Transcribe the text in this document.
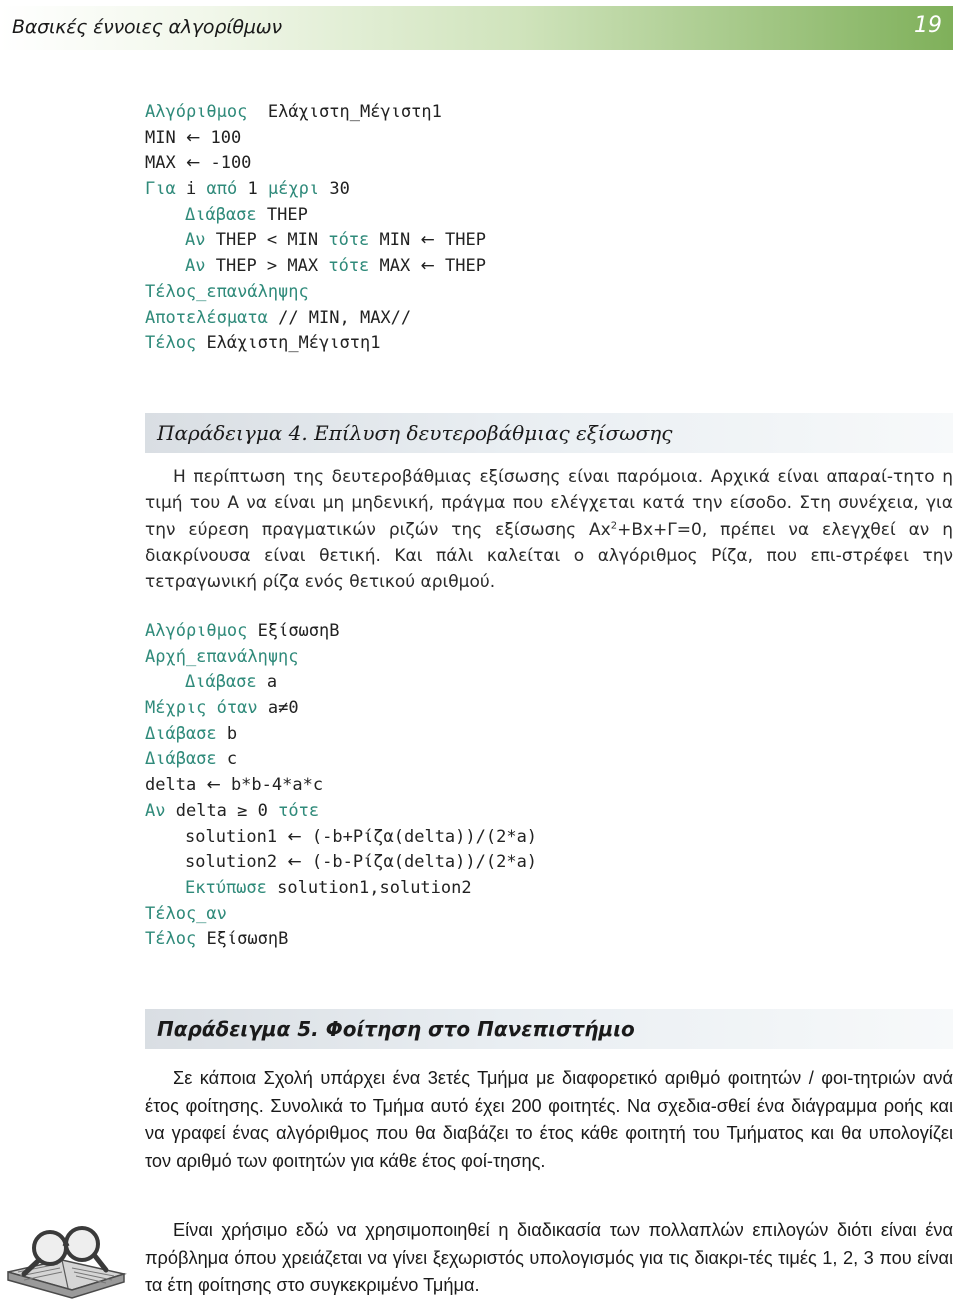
Βασικές έννοιες αλγορίθμων	19
Αλγόριθμος Ελάχιστη_Μέγιστη1
MIN ← 100
MAX ← -100
Για i από 1 μέχρι 30
Διάβασε THEP
Αν THEP < MIN τότε MIN ← THEP
Αν THEP > MAX τότε MAX ← THEP
Τέλος_επανάληψης
Αποτελέσματα // MIN, MAX//
Τέλος Ελάχιστη_Μέγιστη1
Παράδειγμα 4. Επίλυση δευτεροβάθμιας εξίσωσης
Η περίπτωση της δευτεροβάθμιας εξίσωσης είναι παρόμοια. Αρχικά είναι απαραί-τητο η τιμή του Α να είναι μη μηδενική, πράγμα που ελέγχεται κατά την είσοδο. Στη συνέχεια, για την εύρεση πραγματικών ριζών της εξίσωσης $Ax^2+Bx+\Gamma=0$, πρέπει να ελεγχθεί αν η διακρίνουσα είναι θετική. Και πάλι καλείται ο αλγόριθμος Ρίζα, που επι-στρέφει την τετραγωνική ρίζα ενός θετικού αριθμού.
Αλγόριθμος ΕξίσωσηΒ
Αρχή_επανάληψης
Διάβασε a
Μέχρις όταν a≠0
Διάβασε b
Διάβασε c
delta ← b*b-4*a*c
Αν delta ≥ 0 τότε
solution1 ← (-b+Ρίζα(delta))/(2*a)
solution2 ← (-b-Ρίζα(delta))/(2*a)
Εκτύπωσε solution1,solution2
Τέλος_αν
Τέλος ΕξίσωσηΒ
Παράδειγμα 5. Φοίτηση στο Πανεπιστήμιο
Σε κάποια Σχολή υπάρχει ένα 3ετές Τμήμα με διαφορετικό αριθμό φοιτητών / φοι-τητριών ανά έτος φοίτησης. Συνολικά το Τμήμα αυτό έχει 200 φοιτητές. Να σχεδια-σθεί ένα διάγραμμα ροής και να γραφεί ένας αλγόριθμος που θα διαβάζει το έτος κάθε φοιτητή του Τμήματος και θα υπολογίζει τον αριθμό των φοιτητών για κάθε έτος φοί-τησης.
Είναι χρήσιμο εδώ να χρησιμοποιηθεί η διαδικασία των πολλαπλών επιλογών διότι είναι ένα πρόβλημα όπου χρειάζεται να γίνει ξεχωριστός υπολογισμός για τις διακρι-τές τιμές 1, 2, 3 που είναι τα έτη φοίτησης στο συγκεκριμένο Τμήμα.
